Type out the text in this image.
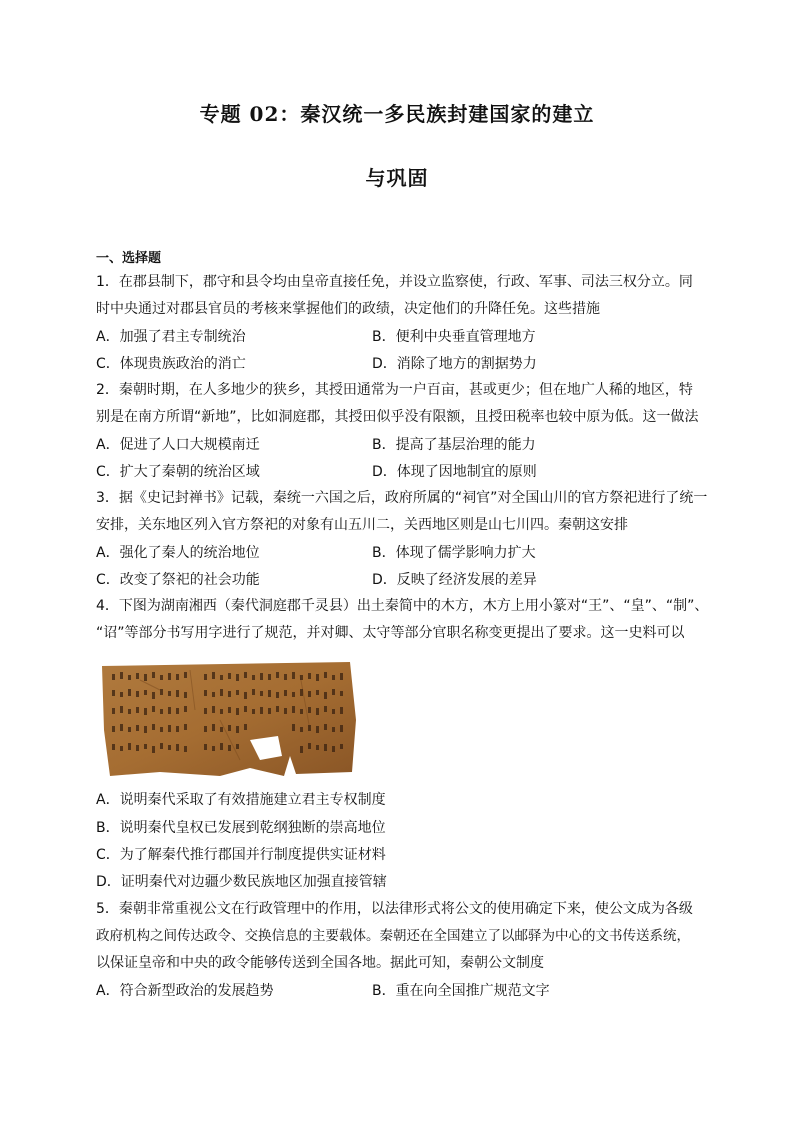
专题 02：秦汉统一多民族封建国家的建立
与巩固
一、选择题
1．在郡县制下，郡守和县令均由皇帝直接任免，并设立监察使，行政、军事、司法三权分立。同
时中央通过对郡县官员的考核来掌握他们的政绩，决定他们的升降任免。这些措施
A．加强了君主专制统治	B．便利中央垂直管理地方
C．体现贵族政治的消亡	D．消除了地方的割据势力
2．秦朝时期，在人多地少的狭乡，其授田通常为一户百亩，甚或更少；但在地广人稀的地区，特
别是在南方所谓“新地”，比如洞庭郡，其授田似乎没有限额，且授田税率也较中原为低。这一做法
A．促进了人口大规模南迁	B．提高了基层治理的能力
C．扩大了秦朝的统治区域	D．体现了因地制宜的原则
3．据《史记封禅书》记载，秦统一六国之后，政府所属的“祠官”对全国山川的官方祭祀进行了统一
安排，关东地区列入官方祭祀的对象有山五川二，关西地区则是山七川四。秦朝这安排
A．强化了秦人的统治地位	B．体现了儒学影响力扩大
C．改变了祭祀的社会功能	D．反映了经济发展的差异
4．下图为湖南湘西（秦代洞庭郡千灵县）出土秦简中的木方，木方上用小篆对“王”、“皇”、“制”、
“诏”等部分书写用字进行了规范，并对卿、太守等部分官职名称变更提出了要求。这一史料可以
A．说明秦代采取了有效措施建立君主专权制度
B．说明秦代皇权已发展到乾纲独断的崇高地位
C．为了解秦代推行郡国并行制度提供实证材料
D．证明秦代对边疆少数民族地区加强直接管辖
5．秦朝非常重视公文在行政管理中的作用，以法律形式将公文的使用确定下来，使公文成为各级
政府机构之间传达政令、交换信息的主要载体。秦朝还在全国建立了以邮驿为中心的文书传送系统，
以保证皇帝和中央的政令能够传送到全国各地。据此可知，秦朝公文制度
A．符合新型政治的发展趋势	B．重在向全国推广规范文字
